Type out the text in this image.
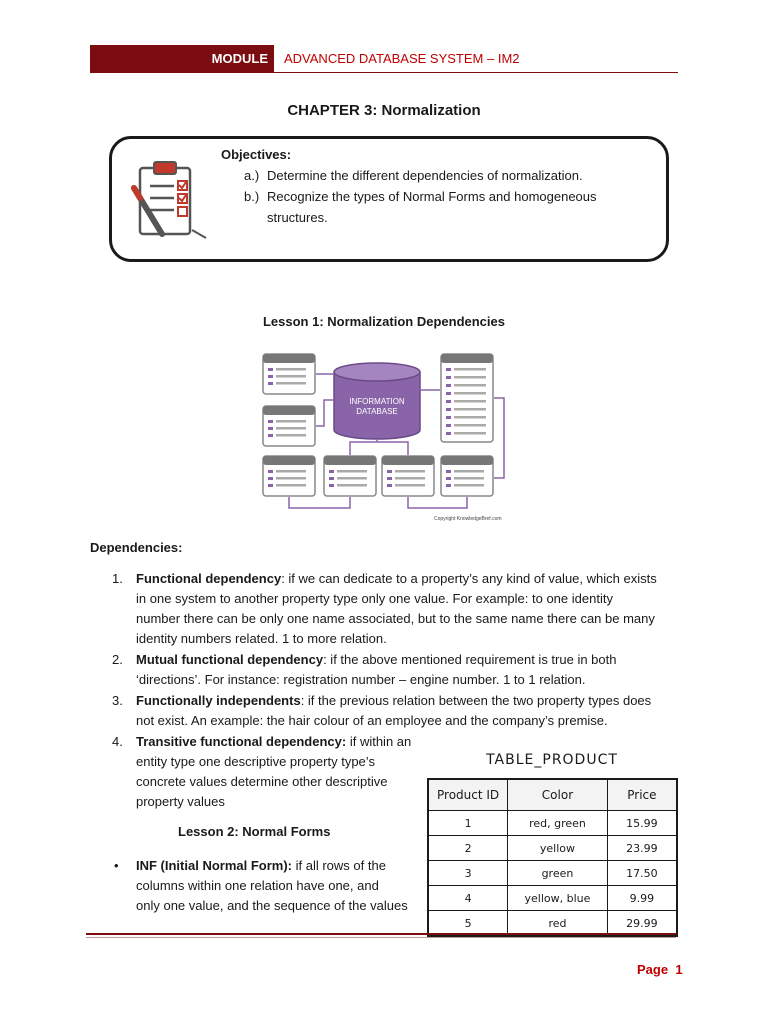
MODULE	ADVANCED DATABASE SYSTEM – IM2
CHAPTER 3: Normalization
Objectives:
a.) Determine the different dependencies of normalization.
b.) Recognize the types of Normal Forms and homogeneous
structures.
Lesson 1: Normalization Dependencies
INFORMATION
DATABASE
Copyright KnowledgeBref.com
Dependencies:
1. Functional dependency: if we can dedicate to a property’s any kind of value, which exists
in one system to another property type only one value. For example: to one identity
number there can be only one name associated, but to the same name there can be many
identity numbers related. 1 to more relation.
2. Mutual functional dependency: if the above mentioned requirement is true in both
‘directions’. For instance: registration number – engine number. 1 to 1 relation.
3. Functionally independents: if the previous relation between the two property types does
not exist. An example: the hair colour of an employee and the company’s premise.
4. Transitive functional dependency: if within an
entity type one descriptive property type’s
concrete values determine other descriptive
property values
Lesson 2: Normal Forms
• INF (Initial Normal Form): if all rows of the
columns within one relation have one, and
only one value, and the sequence of the values
TABLE_PRODUCT
Product ID	Color	Price
1	red, green	15.99
2	yellow	23.99
3	green	17.50
4	yellow, blue	9.99
5	red	29.99
Page 1
